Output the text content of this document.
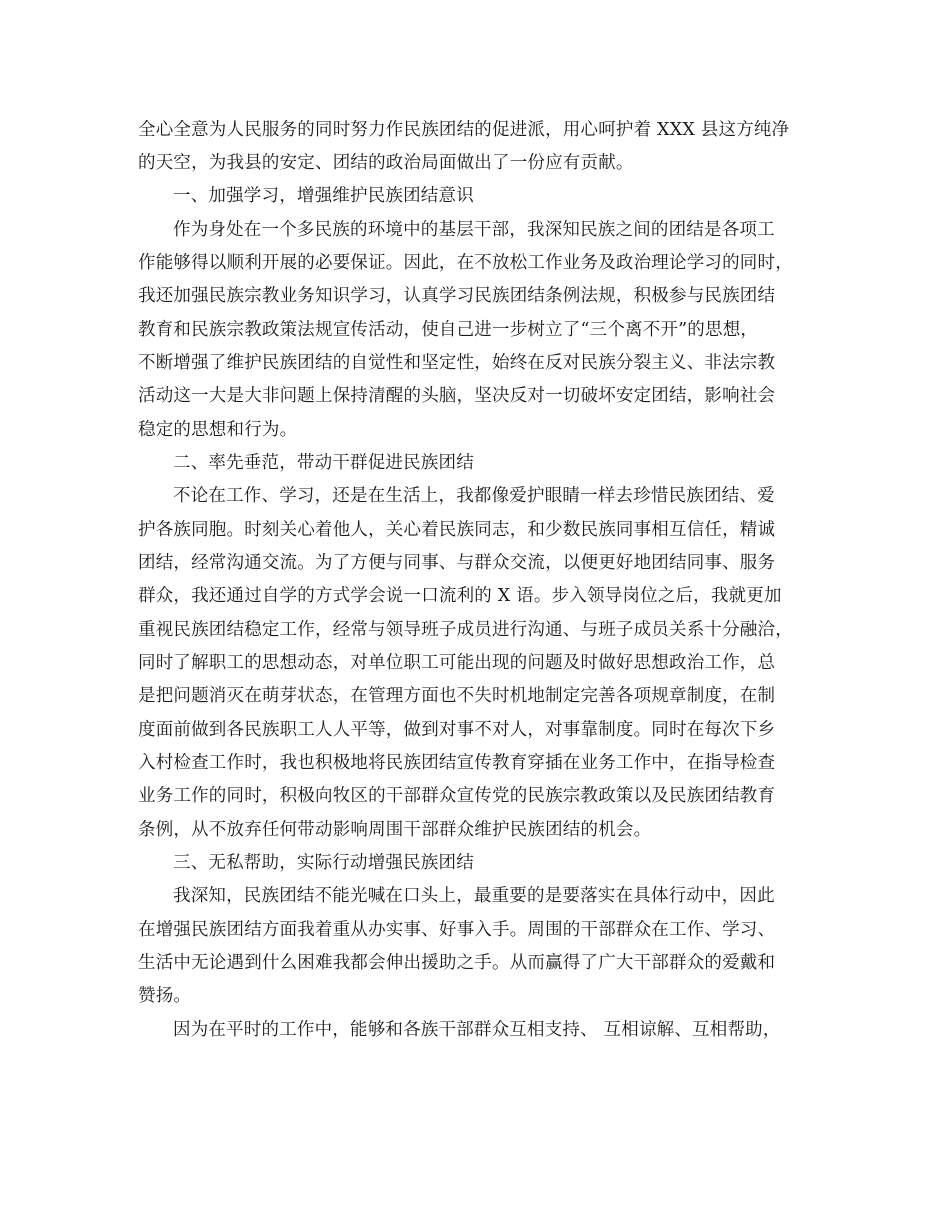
全心全意为人民服务的同时努力作民族团结的促进派，用心呵护着 XXX 县这方纯净
的天空，为我县的安定、团结的政治局面做出了一份应有贡献。
一、加强学习，增强维护民族团结意识
作为身处在一个多民族的环境中的基层干部，我深知民族之间的团结是各项工
作能够得以顺利开展的必要保证。因此，在不放松工作业务及政治理论学习的同时，
我还加强民族宗教业务知识学习，认真学习民族团结条例法规，积极参与民族团结
教育和民族宗教政策法规宣传活动，使自己进一步树立了“三个离不开”的思想，
不断增强了维护民族团结的自觉性和坚定性，始终在反对民族分裂主义、非法宗教
活动这一大是大非问题上保持清醒的头脑，坚决反对一切破坏安定团结，影响社会
稳定的思想和行为。
二、率先垂范，带动干群促进民族团结
不论在工作、学习，还是在生活上，我都像爱护眼睛一样去珍惜民族团结、爱
护各族同胞。时刻关心着他人，关心着民族同志，和少数民族同事相互信任，精诚
团结，经常沟通交流。为了方便与同事、与群众交流，以便更好地团结同事、服务
群众，我还通过自学的方式学会说一口流利的 X 语。步入领导岗位之后，我就更加
重视民族团结稳定工作，经常与领导班子成员进行沟通、与班子成员关系十分融洽，
同时了解职工的思想动态，对单位职工可能出现的问题及时做好思想政治工作，总
是把问题消灭在萌芽状态，在管理方面也不失时机地制定完善各项规章制度，在制
度面前做到各民族职工人人平等，做到对事不对人，对事靠制度。同时在每次下乡
入村检查工作时，我也积极地将民族团结宣传教育穿插在业务工作中，在指导检查
业务工作的同时，积极向牧区的干部群众宣传党的民族宗教政策以及民族团结教育
条例，从不放弃任何带动影响周围干部群众维护民族团结的机会。
三、无私帮助，实际行动增强民族团结
我深知，民族团结不能光喊在口头上，最重要的是要落实在具体行动中，因此
在增强民族团结方面我着重从办实事、好事入手。周围的干部群众在工作、学习、
生活中无论遇到什么困难我都会伸出援助之手。从而赢得了广大干部群众的爱戴和
赞扬。
因为在平时的工作中，能够和各族干部群众互相支持、 互相谅解、互相帮助，
